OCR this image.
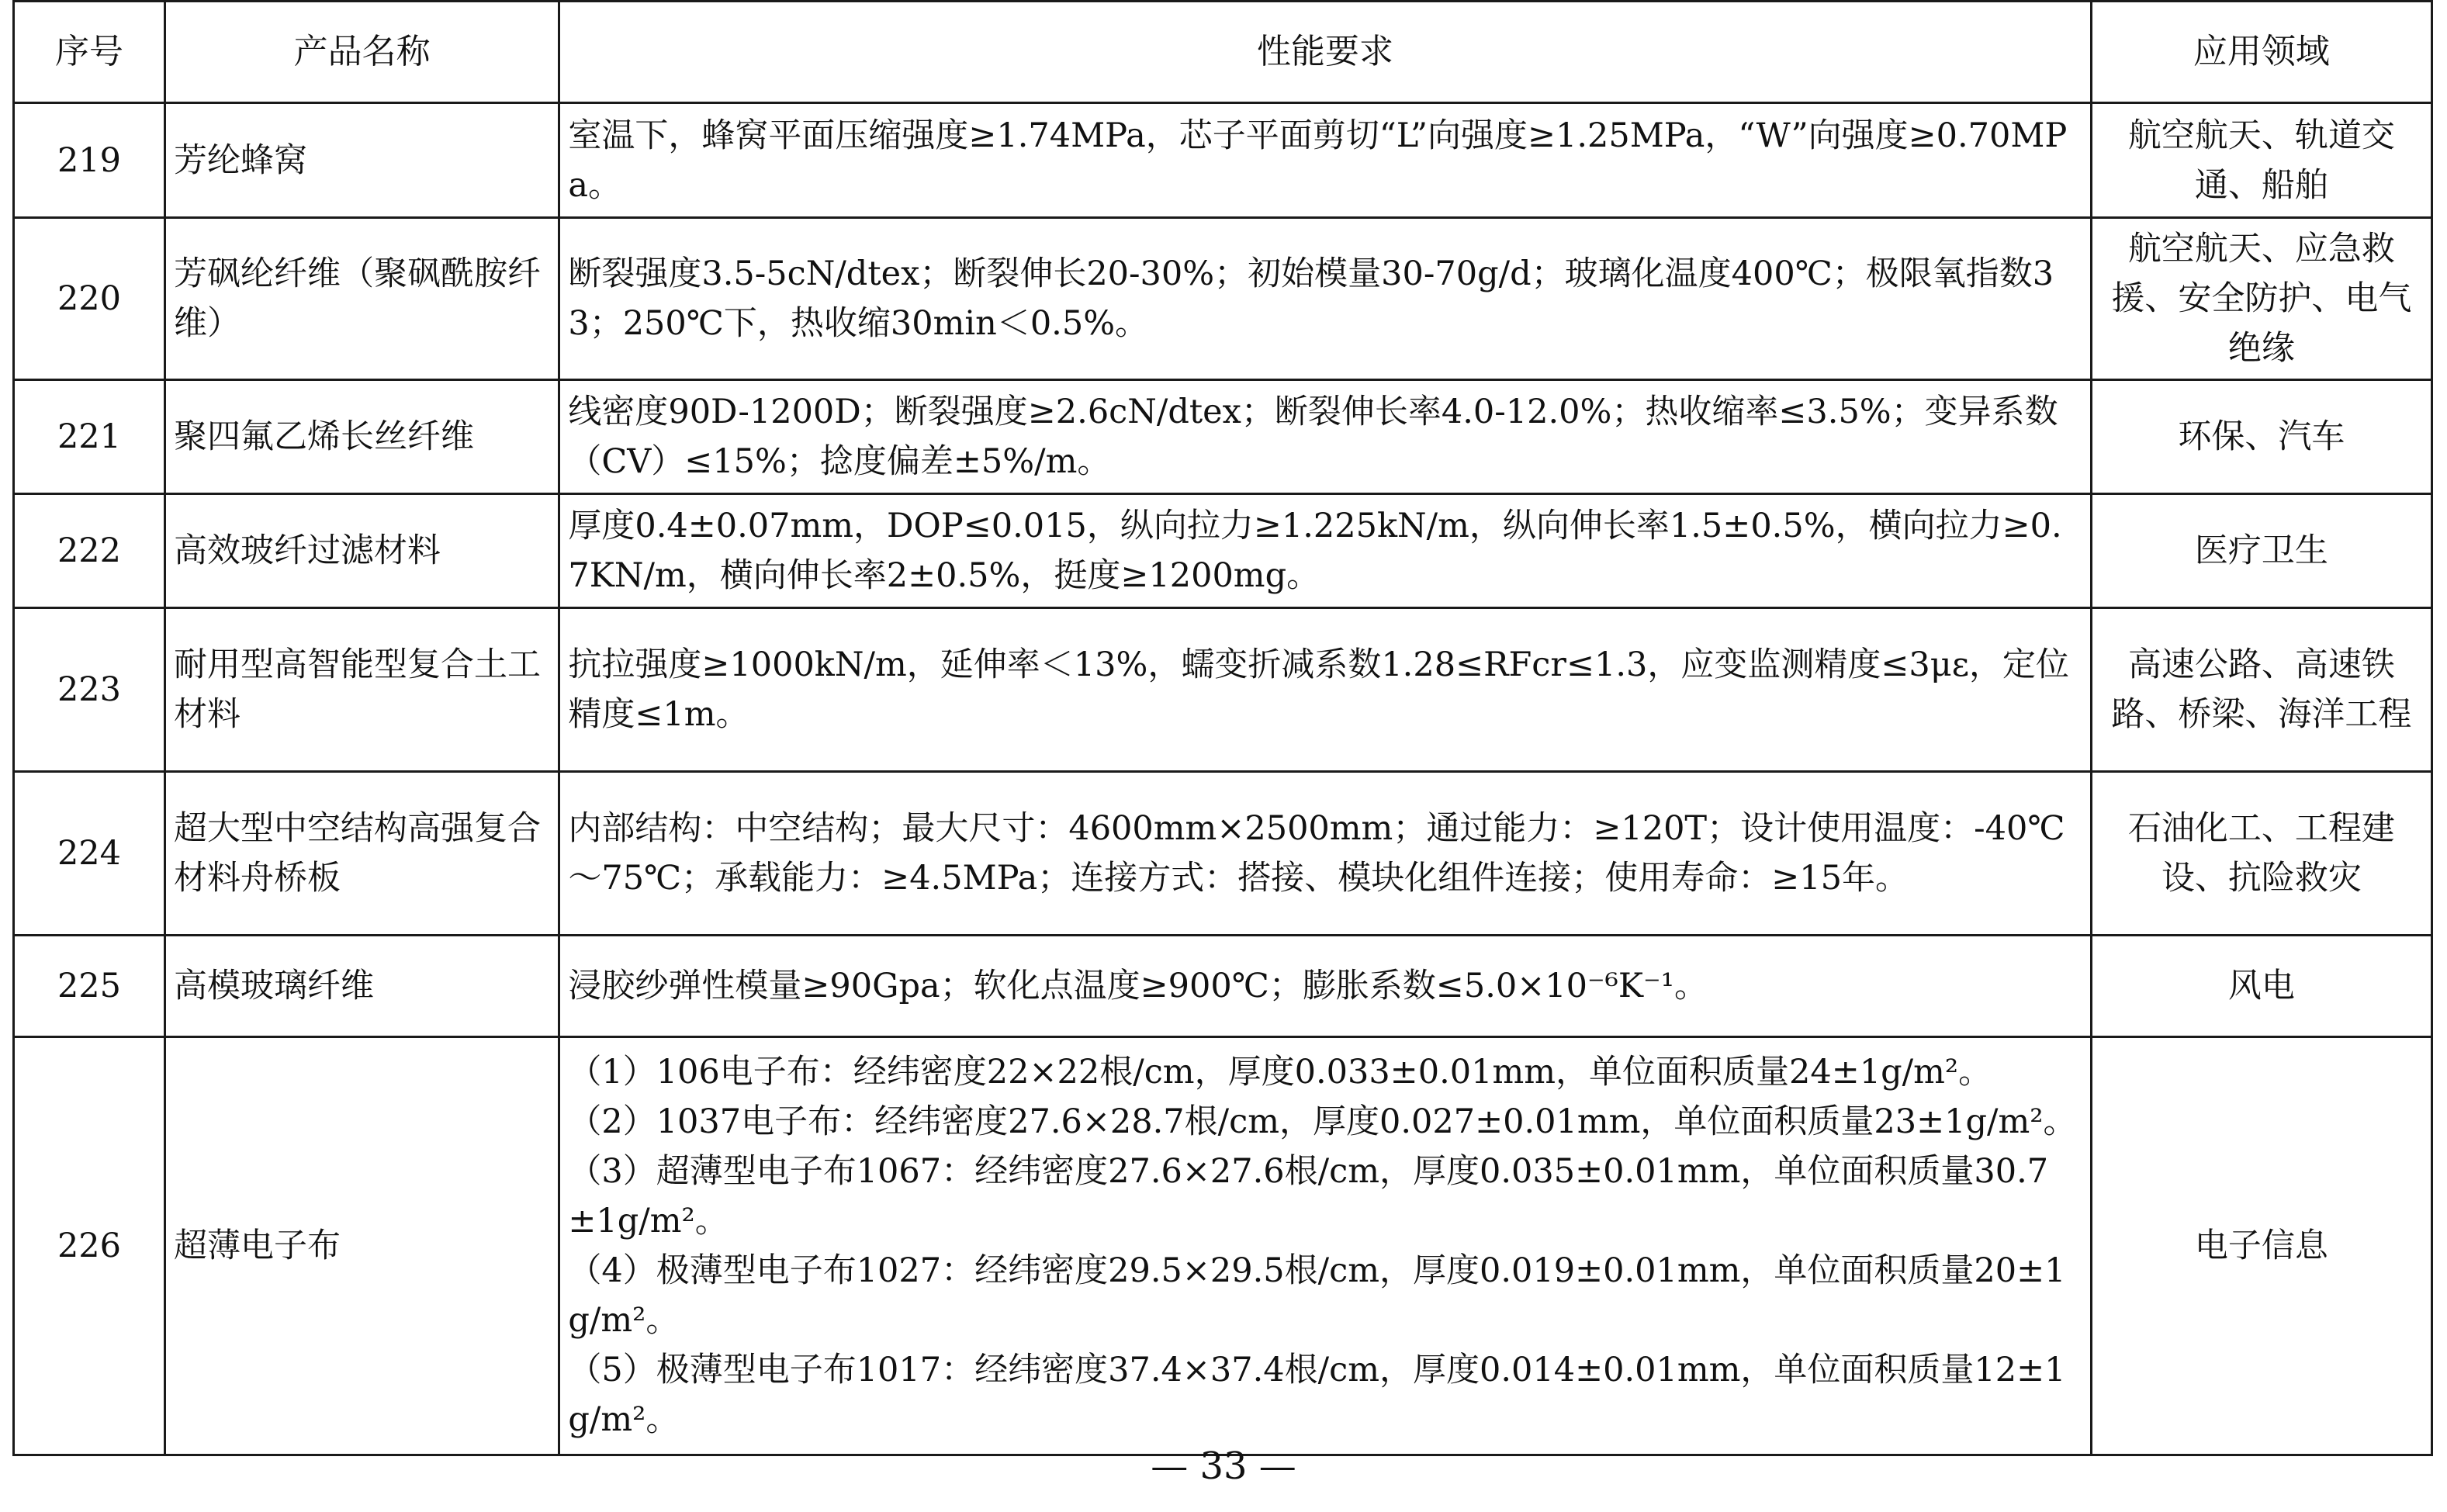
序号	产品名称	性能要求	应用领域
219	芳纶蜂窝	室温下，蜂窝平面压缩强度≥1.74MPa，芯子平面剪切“L”向强度≥1.25MPa，“W”向强度≥0.70MPa。	航空航天、轨道交通、船舶
220	芳砜纶纤维（聚砜酰胺纤维）	断裂强度3.5-5cN/dtex；断裂伸长20-30%；初始模量30-70g/d；玻璃化温度400℃；极限氧指数33；250℃下，热收缩30min＜0.5%。	航空航天、应急救援、安全防护、电气绝缘
221	聚四氟乙烯长丝纤维	线密度90D-1200D；断裂强度≥2.6cN/dtex；断裂伸长率4.0-12.0%；热收缩率≤3.5%；变异系数（CV）≤15%；捻度偏差±5%/m。	环保、汽车
222	高效玻纤过滤材料	厚度0.4±0.07mm，DOP≤0.015，纵向拉力≥1.225kN/m，纵向伸长率1.5±0.5%，横向拉力≥0.7KN/m，横向伸长率2±0.5%，挺度≥1200mg。	医疗卫生
223	耐用型高智能型复合土工材料	抗拉强度≥1000kN/m，延伸率＜13%，蠕变折减系数1.28≤RFcr≤1.3，应变监测精度≤3με，定位精度≤1m。	高速公路、高速铁路、桥梁、海洋工程
224	超大型中空结构高强复合材料舟桥板	内部结构：中空结构；最大尺寸：4600mm×2500mm；通过能力：≥120T；设计使用温度：-40℃～75℃；承载能力：≥4.5MPa；连接方式：搭接、模块化组件连接；使用寿命：≥15年。	石油化工、工程建设、抗险救灾
225	高模玻璃纤维	浸胶纱弹性模量≥90Gpa；软化点温度≥900℃；膨胀系数≤5.0×10⁻⁶K⁻¹。	风电
226	超薄电子布	（1）106电子布：经纬密度22×22根/cm，厚度0.033±0.01mm，单位面积质量24±1g/m²。
（2）1037电子布：经纬密度27.6×28.7根/cm，厚度0.027±0.01mm，单位面积质量23±1g/m²。
（3）超薄型电子布1067：经纬密度27.6×27.6根/cm，厚度0.035±0.01mm，单位面积质量30.7±1g/m²。
（4）极薄型电子布1027：经纬密度29.5×29.5根/cm，厚度0.019±0.01mm，单位面积质量20±1g/m²。
（5）极薄型电子布1017：经纬密度37.4×37.4根/cm，厚度0.014±0.01mm，单位面积质量12±1g/m²。	电子信息
— 33 —
